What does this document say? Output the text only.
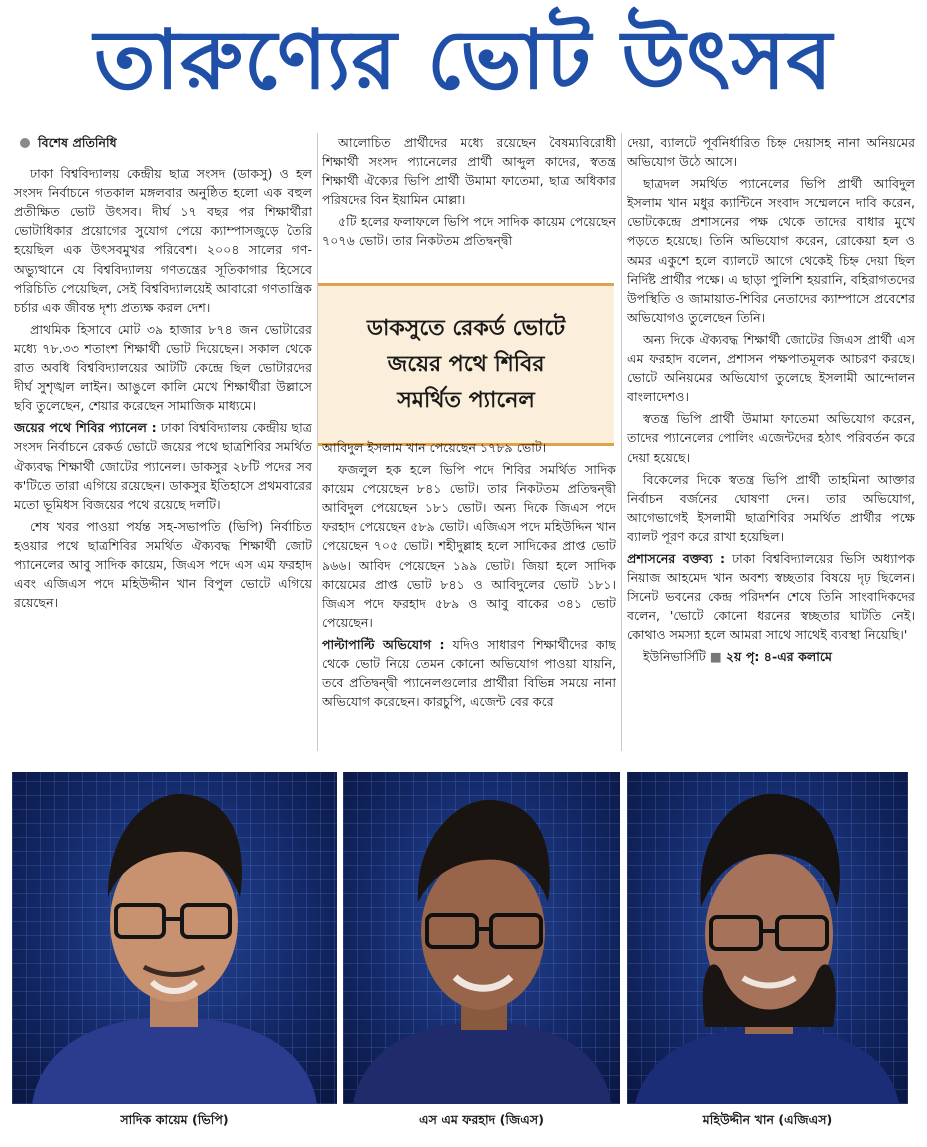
তারুণ্যের ভোট উৎসব
বিশেষ প্রতিনিধি

ঢাকা বিশ্ববিদ্যালয় কেন্দ্রীয় ছাত্র সংসদ (ডাকসু) ও হল সংসদ নির্বাচনে গতকাল মঙ্গলবার অনুষ্ঠিত হলো এক বহুল প্রতীক্ষিত ভোট উৎসব। দীর্ঘ ১৭ বছর পর শিক্ষার্থীরা ভোটাধিকার প্রয়োগের সুযোগ পেয়ে ক্যাম্পাসজুড়ে তৈরি হয়েছিল এক উৎসবমুখর পরিবেশ। ২০০৪ সালের গণ-অভ্যুত্থানে যে বিশ্ববিদ্যালয় গণতন্ত্রের সূতিকাগার হিসেবে পরিচিতি পেয়েছিল, সেই বিশ্ববিদ্যালয়েই আবারো গণতান্ত্রিক চর্চার এক জীবন্ত দৃশ্য প্রত্যক্ষ করল দেশ।

প্রাথমিক হিসাবে মোট ৩৯ হাজার ৮৭৪ জন ভোটারের মধ্যে ৭৮.৩৩ শতাংশ শিক্ষার্থী ভোট দিয়েছেন। সকাল থেকে রাত অবধি বিশ্ববিদ্যালয়ের আটটি কেন্দ্রে ছিল ভোটারদের দীর্ঘ সুশৃঙ্খল লাইন। আঙুলে কালি মেখে শিক্ষার্থীরা উল্লাসে ছবি তুলেছেন, শেয়ার করেছেন সামাজিক মাধ্যমে।

জয়ের পথে শিবির প্যানেল : ঢাকা বিশ্ববিদ্যালয় কেন্দ্রীয় ছাত্র সংসদ নির্বাচনে রেকর্ড ভোটে জয়ের পথে ছাত্রশিবির সমর্থিত ঐক্যবদ্ধ শিক্ষার্থী জোটের প্যানেল। ডাকসুর ২৮টি পদের সব ক'টিতে তারা এগিয়ে রয়েছেন। ডাকসুর ইতিহাসে প্রথমবারের মতো ভূমিধস বিজয়ের পথে রয়েছে দলটি।

শেষ খবর পাওয়া পর্যন্ত সহ-সভাপতি (ভিপি) নির্বাচিত হওয়ার পথে ছাত্রশিবির সমর্থিত ঐক্যবদ্ধ শিক্ষার্থী জোট প্যানেলের আবু সাদিক কায়েম, জিএস পদে এস এম ফরহাদ এবং এজিএস পদে মহিউদ্দীন খান বিপুল ভোটে এগিয়ে রয়েছেন।

আলোচিত প্রার্থীদের মধ্যে রয়েছেন বৈষম্যবিরোধী শিক্ষার্থী সংসদ প্যানেলের প্রার্থী আব্দুল কাদের, স্বতন্ত্র শিক্ষার্থী ঐক্যের ভিপি প্রার্থী উমামা ফাতেমা, ছাত্র অধিকার পরিষদের বিন ইয়ামিন মোল্লা।

৫টি হলের ফলাফলে ভিপি পদে সাদিক কায়েম পেয়েছেন ৭০৭৬ ভোট। তার নিকটতম প্রতিদ্বন্দ্বী

ডাকসুতে রেকর্ড ভোটে
জয়ের পথে শিবির
সমর্থিত প্যানেল

আবিদুল ইসলাম খান পেয়েছেন ১৭৮৯ ভোট।

ফজলুল হক হলে ভিপি পদে শিবির সমর্থিত সাদিক কায়েম পেয়েছেন ৮৪১ ভোট। তার নিকটতম প্রতিদ্বন্দ্বী আবিদুল পেয়েছেন ১৮১ ভোট। অন্য দিকে জিএস পদে ফরহাদ পেয়েছেন ৫৮৯ ভোট। এজিএস পদে মহিউদ্দিন খান পেয়েছেন ৭০৫ ভোট। শহীদুল্লাহ হলে সাদিকের প্রাপ্ত ভোট ৯৬৬। আবিদ পেয়েছেন ১৯৯ ভোট। জিয়া হলে সাদিক কায়েমের প্রাপ্ত ভোট ৮৪১ ও আবিদুলের ভোট ১৮১। জিএস পদে ফরহাদ ৫৮৯ ও আবু বাকের ৩৪১ ভোট পেয়েছেন।

পাল্টাপাল্টি অভিযোগ : যদিও সাধারণ শিক্ষার্থীদের কাছ থেকে ভোট নিয়ে তেমন কোনো অভিযোগ পাওয়া যায়নি, তবে প্রতিদ্বন্দ্বী প্যানেলগুলোর প্রার্থীরা বিভিন্ন সময়ে নানা অভিযোগ করেছেন। কারচুপি, এজেন্ট বের করে

দেয়া, ব্যালটে পূর্বনির্ধারিত চিহ্ন দেয়াসহ নানা অনিয়মের অভিযোগ উঠে আসে।

ছাত্রদল সমর্থিত প্যানেলের ভিপি প্রার্থী আবিদুল ইসলাম খান মধুর ক্যান্টিনে সংবাদ সম্মেলনে দাবি করেন, ভোটকেন্দ্রে প্রশাসনের পক্ষ থেকে তাদের বাধার মুখে পড়তে হয়েছে। তিনি অভিযোগ করেন, রোকেয়া হল ও অমর একুশে হলে ব্যালটে আগে থেকেই চিহ্ন দেয়া ছিল নির্দিষ্ট প্রার্থীর পক্ষে। এ ছাড়া পুলিশি হয়রানি, বহিরাগতদের উপস্থিতি ও জামায়াত-শিবির নেতাদের ক্যাম্পাসে প্রবেশের অভিযোগও তুলেছেন তিনি।

অন্য দিকে ঐক্যবদ্ধ শিক্ষার্থী জোটের জিএস প্রার্থী এস এম ফরহাদ বলেন, প্রশাসন পক্ষপাতমূলক আচরণ করছে। ভোটে অনিয়মের অভিযোগ তুলেছে ইসলামী আন্দোলন বাংলাদেশও।

স্বতন্ত্র ভিপি প্রার্থী উমামা ফাতেমা অভিযোগ করেন, তাদের প্যানেলের পোলিং এজেন্টদের হঠাৎ পরিবর্তন করে দেয়া হয়েছে।

বিকেলের দিকে স্বতন্ত্র ভিপি প্রার্থী তাহমিনা আক্তার নির্বাচন বর্জনের ঘোষণা দেন। তার অভিযোগ, আগেভাগেই ইসলামী ছাত্রশিবির সমর্থিত প্রার্থীর পক্ষে ব্যালট পূরণ করে রাখা হয়েছিল।

প্রশাসনের বক্তব্য : ঢাকা বিশ্ববিদ্যালয়ের ভিসি অধ্যাপক নিয়াজ আহমেদ খান অবশ্য স্বচ্ছতার বিষয়ে দৃঢ় ছিলেন। সিনেট ভবনের কেন্দ্র পরিদর্শন শেষে তিনি সাংবাদিকদের বলেন, 'ভোটে কোনো ধরনের স্বচ্ছতার ঘাটতি নেই। কোথাও সমস্যা হলে আমরা সাথে সাথেই ব্যবস্থা নিয়েছি।'

ইউনিভার্সিটি ■ ২য় পৃ: ৪-এর কলামে

সাদিক কায়েম (ভিপি)	এস এম ফরহাদ (জিএস)	মহিউদ্দীন খান (এজিএস)
